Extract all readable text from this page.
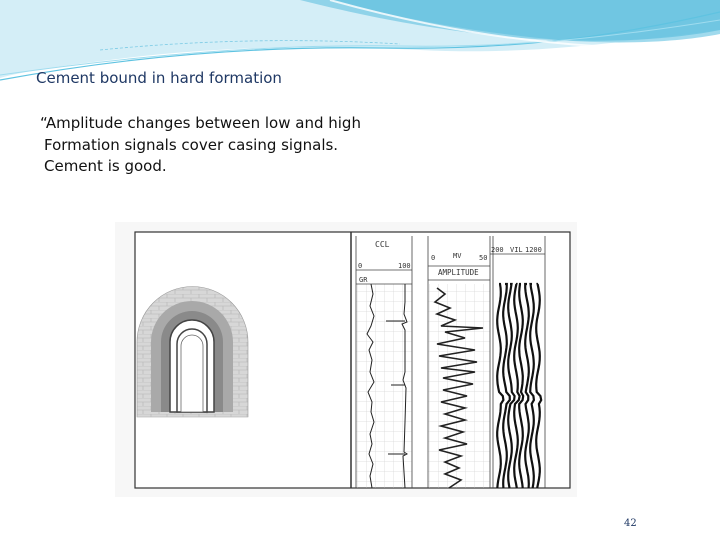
Cement bound in hard formation
“Amplitude changes between low and high
Formation signals cover casing signals.
Cement is good.
CCL
0	100
GR
0	MV	50
AMPLITUDE
200 VIL 1200
42
